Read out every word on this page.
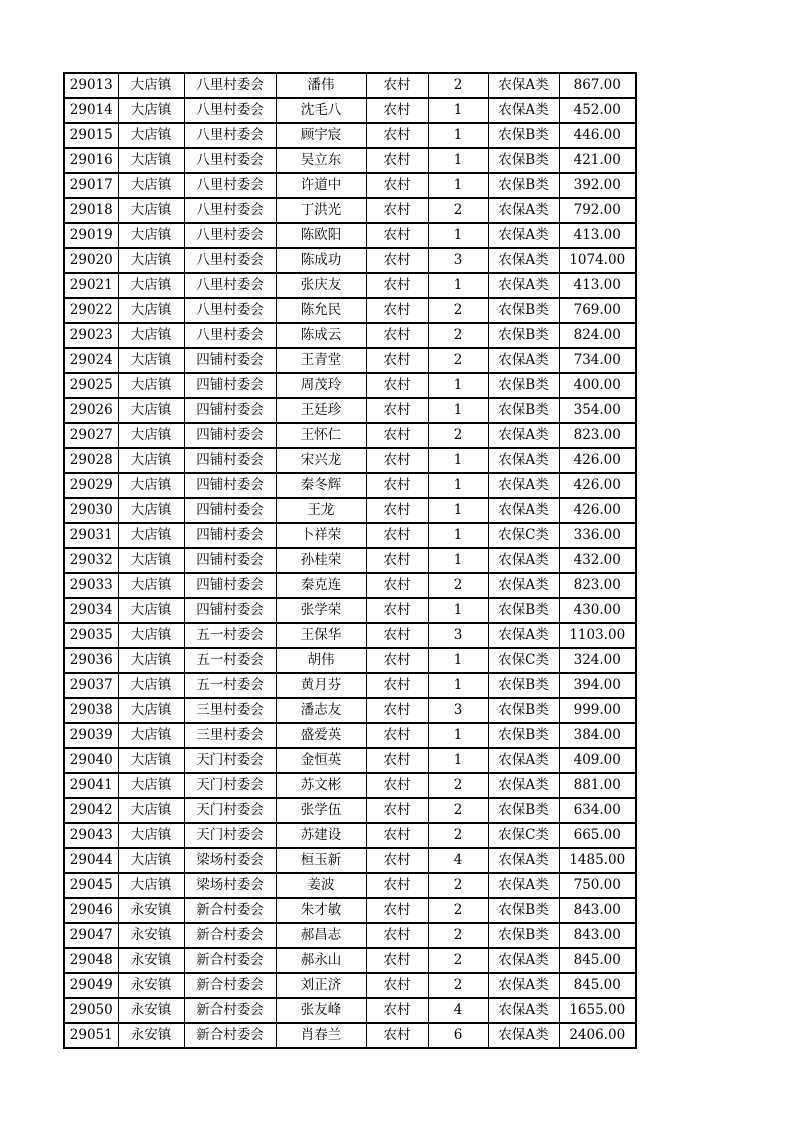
29013	大店镇	八里村委会	潘伟	农村	2	农保A类	867.00
29014	大店镇	八里村委会	沈毛八	农村	1	农保A类	452.00
29015	大店镇	八里村委会	顾宇宸	农村	1	农保B类	446.00
29016	大店镇	八里村委会	吴立东	农村	1	农保B类	421.00
29017	大店镇	八里村委会	许道中	农村	1	农保B类	392.00
29018	大店镇	八里村委会	丁洪光	农村	2	农保A类	792.00
29019	大店镇	八里村委会	陈欧阳	农村	1	农保A类	413.00
29020	大店镇	八里村委会	陈成功	农村	3	农保A类	1074.00
29021	大店镇	八里村委会	张庆友	农村	1	农保A类	413.00
29022	大店镇	八里村委会	陈允民	农村	2	农保B类	769.00
29023	大店镇	八里村委会	陈成云	农村	2	农保B类	824.00
29024	大店镇	四铺村委会	王青堂	农村	2	农保A类	734.00
29025	大店镇	四铺村委会	周茂玲	农村	1	农保B类	400.00
29026	大店镇	四铺村委会	王廷珍	农村	1	农保B类	354.00
29027	大店镇	四铺村委会	王怀仁	农村	2	农保A类	823.00
29028	大店镇	四铺村委会	宋兴龙	农村	1	农保A类	426.00
29029	大店镇	四铺村委会	秦冬辉	农村	1	农保A类	426.00
29030	大店镇	四铺村委会	王龙	农村	1	农保A类	426.00
29031	大店镇	四铺村委会	卜祥荣	农村	1	农保C类	336.00
29032	大店镇	四铺村委会	孙桂荣	农村	1	农保A类	432.00
29033	大店镇	四铺村委会	秦克连	农村	2	农保A类	823.00
29034	大店镇	四铺村委会	张学荣	农村	1	农保B类	430.00
29035	大店镇	五一村委会	王保华	农村	3	农保A类	1103.00
29036	大店镇	五一村委会	胡伟	农村	1	农保C类	324.00
29037	大店镇	五一村委会	黄月芬	农村	1	农保B类	394.00
29038	大店镇	三里村委会	潘志友	农村	3	农保B类	999.00
29039	大店镇	三里村委会	盛爱英	农村	1	农保B类	384.00
29040	大店镇	天门村委会	金恒英	农村	1	农保A类	409.00
29041	大店镇	天门村委会	苏文彬	农村	2	农保A类	881.00
29042	大店镇	天门村委会	张学伍	农村	2	农保B类	634.00
29043	大店镇	天门村委会	苏建设	农村	2	农保C类	665.00
29044	大店镇	梁场村委会	桓玉新	农村	4	农保A类	1485.00
29045	大店镇	梁场村委会	姜波	农村	2	农保A类	750.00
29046	永安镇	新合村委会	朱才敏	农村	2	农保B类	843.00
29047	永安镇	新合村委会	郝昌志	农村	2	农保B类	843.00
29048	永安镇	新合村委会	郝永山	农村	2	农保A类	845.00
29049	永安镇	新合村委会	刘正济	农村	2	农保A类	845.00
29050	永安镇	新合村委会	张友峰	农村	4	农保A类	1655.00
29051	永安镇	新合村委会	肖春兰	农村	6	农保A类	2406.00
